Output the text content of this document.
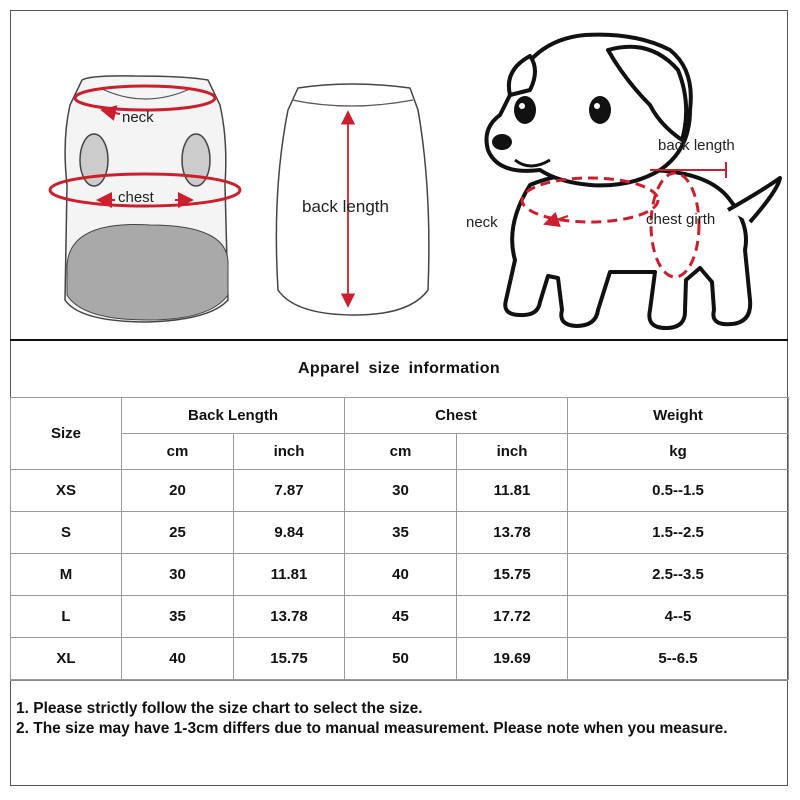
neck
chest	back length
back length
neck	chest girth
Apparel size information
Size	Back Length		Chest		Weight
	cm	inch	cm	inch	kg
XS	20	7.87	30	11.81	0.5--1.5
S	25	9.84	35	13.78	1.5--2.5
M	30	11.81	40	15.75	2.5--3.5
L	35	13.78	45	17.72	4--5
XL	40	15.75	50	19.69	5--6.5
1. Please strictly follow the size chart to select the size.
2. The size may have 1-3cm differs due to manual measurement. Please note when you measure.
